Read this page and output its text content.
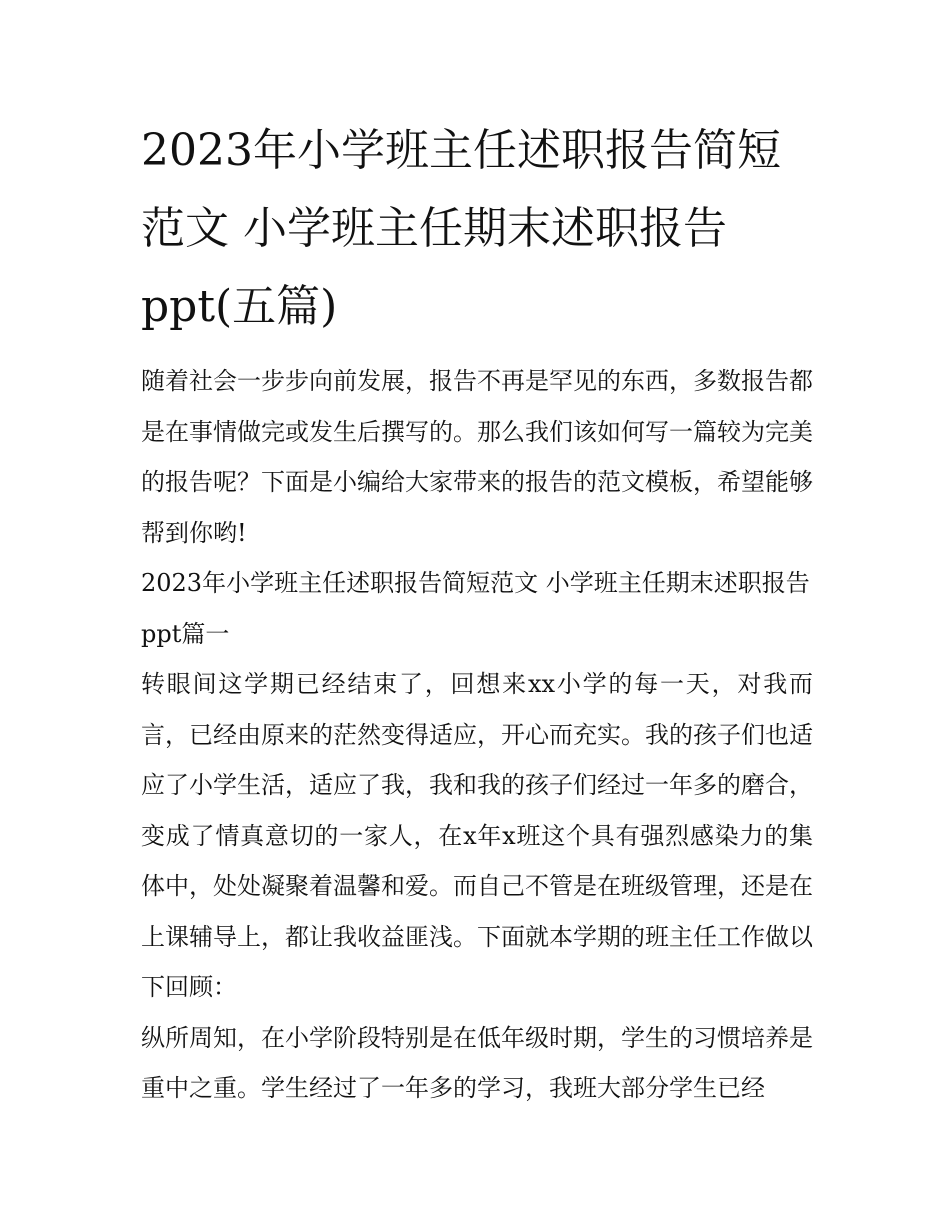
2023年小学班主任述职报告简短范文 小学班主任期末述职报告ppt(五篇)

随着社会一步步向前发展，报告不再是罕见的东西，多数报告都是在事情做完或发生后撰写的。那么我们该如何写一篇较为完美的报告呢？下面是小编给大家带来的报告的范文模板，希望能够帮到你哟!

2023年小学班主任述职报告简短范文 小学班主任期末述职报告ppt篇一

转眼间这学期已经结束了，回想来xx小学的每一天，对我而言，已经由原来的茫然变得适应，开心而充实。我的孩子们也适应了小学生活，适应了我，我和我的孩子们经过一年多的磨合，变成了情真意切的一家人，在x年x班这个具有强烈感染力的集体中，处处凝聚着温馨和爱。而自己不管是在班级管理，还是在上课辅导上，都让我收益匪浅。下面就本学期的班主任工作做以下回顾：

纵所周知，在小学阶段特别是在低年级时期，学生的习惯培养是重中之重。学生经过了一年多的学习，我班大部分学生已经
